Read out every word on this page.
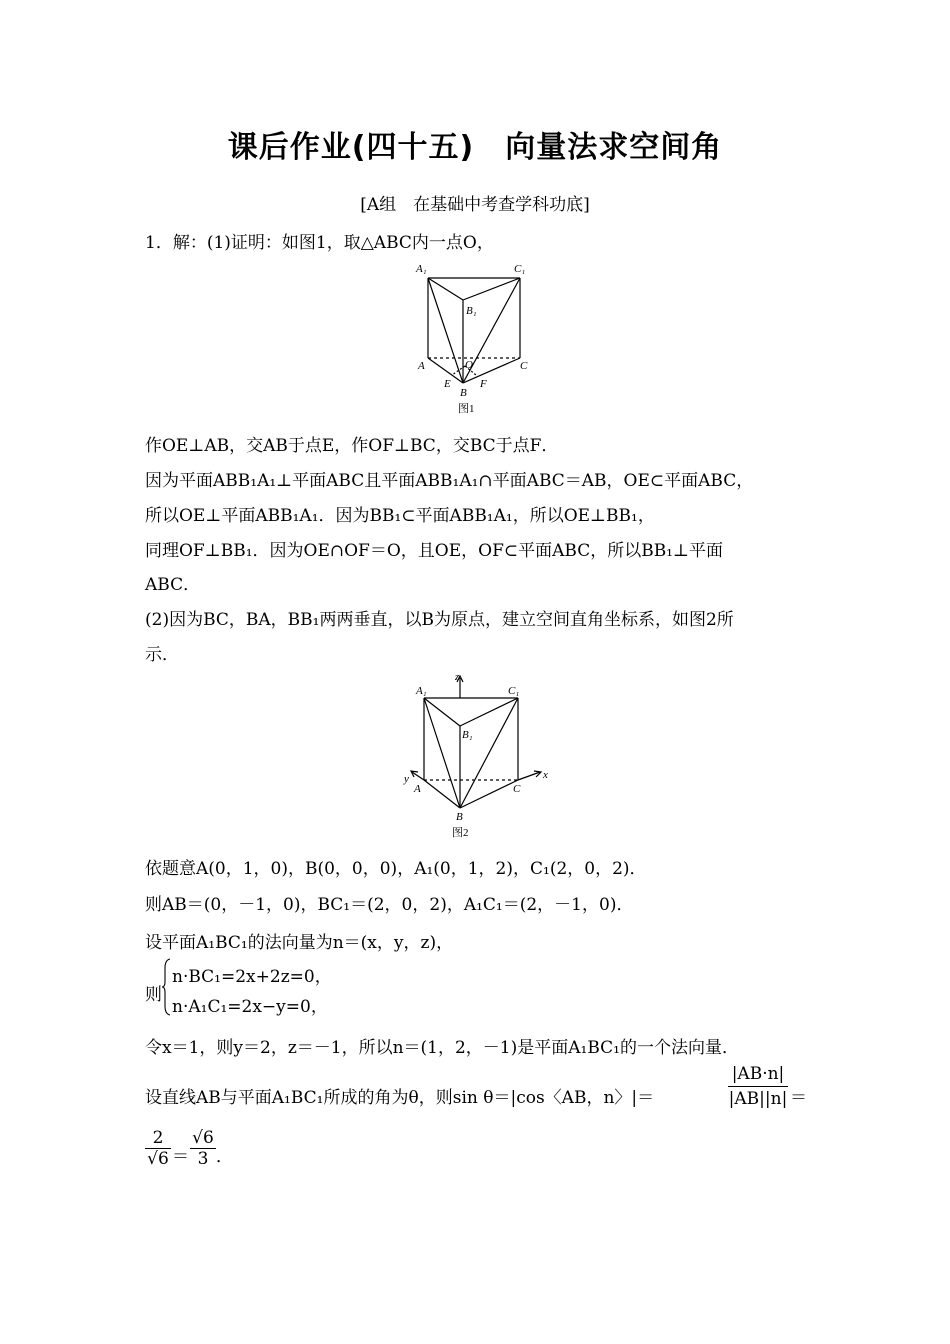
课后作业(四十五)　向量法求空间角
[A组　在基础中考查学科功底]
1．解：(1)证明：如图1，取△ABC内一点O，
A₁	C₁
B₁
A	C
O
E	F
B
图1
作OE⊥AB，交AB于点E，作OF⊥BC，交BC于点F．
因为平面ABB₁A₁⊥平面ABC且平面ABB₁A₁∩平面ABC＝AB，OE⊂平面ABC，
所以OE⊥平面ABB₁A₁．因为BB₁⊂平面ABB₁A₁，所以OE⊥BB₁，
同理OF⊥BB₁．因为OE∩OF＝O，且OE，OF⊂平面ABC，所以BB₁⊥平面
ABC．
(2)因为BC，BA，BB₁两两垂直，以B为原点，建立空间直角坐标系，如图2所
示．
z
x
y
A₁	C₁
B₁
A	C
B
图2
依题意A(0，1，0)，B(0，0，0)，A₁(0，1，2)，C₁(2，0，2)．
则AB＝(0，－1，0)，BC₁＝(2，0，2)，A₁C₁＝(2，－1，0)．
设平面A₁BC₁的法向量为n＝(x，y，z)，
则
n·BC₁=2x+2z=0，
n·A₁C₁=2x−y=0，
令x＝1，则y＝2，z＝－1，所以n＝(1，2，－1)是平面A₁BC₁的一个法向量．
设直线AB与平面A₁BC₁所成的角为θ，则sin θ＝|cos〈AB，n〉|＝	$\frac{|AB\cdot n|}{|AB||n|}$ ＝
$\frac{2}{√6} = \frac{√6}{3}$ ．
